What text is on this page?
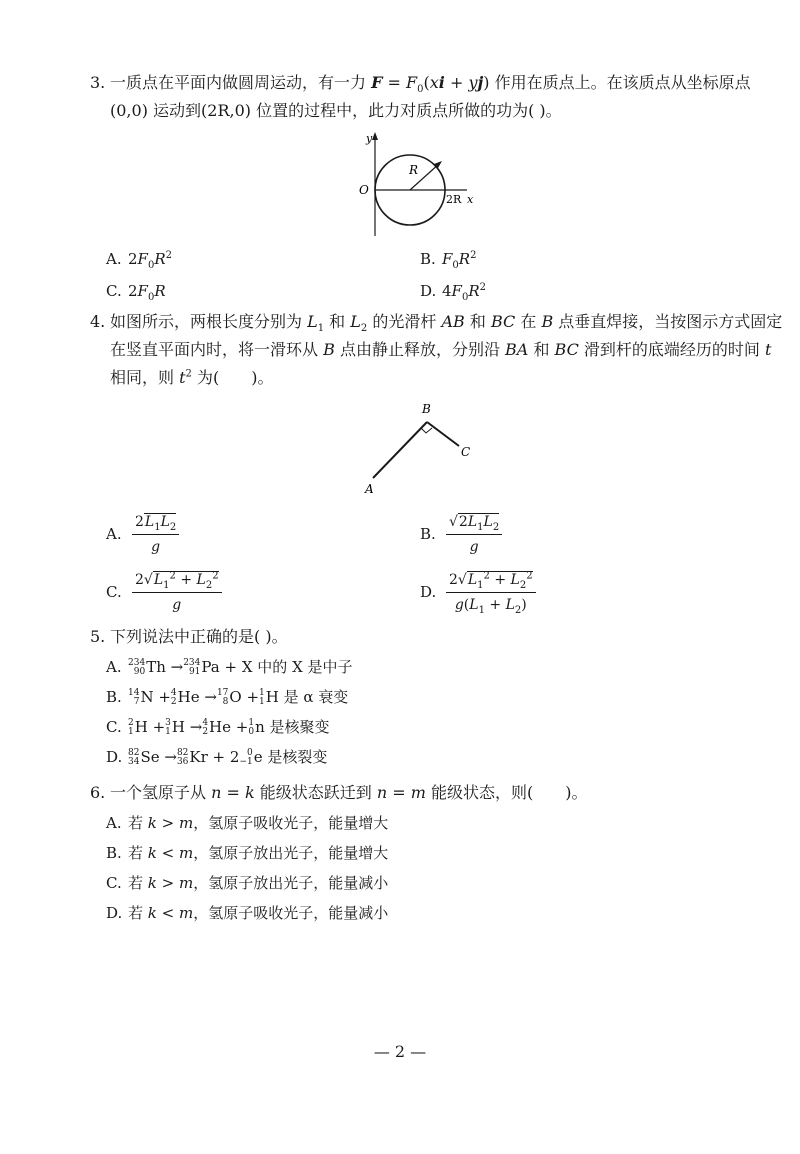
3. 一质点在平面内做圆周运动，有一力 $F = F_0(xi + yj)$ 作用在质点上。在该质点从坐标原点
(0,0) 运动到(2R,0) 位置的过程中，此力对质点所做的功为( )。
y
O
R
2R x
A. $2F_0R^2$	B. $F_0R^2$
C. $2F_0R$	D. $4F_0R^2$
4. 如图所示，两根长度分别为 $L_1$ 和 $L_2$ 的光滑杆 AB 和 BC 在 B 点垂直焊接，当按图示方式固定
在竖直平面内时，将一滑环从 B 点由静止释放，分别沿 BA 和 BC 滑到杆的底端经历的时间 t
相同，则 $t^2$ 为(  )。
B
C
A
A. $\frac{2L_1L_2}{g}$	B. $\frac{√2L_1L_2}{g}$
C. $\frac{2√L_1^2 + L_2^2}{g}$	D. $\frac{2√L_1^2 + L_2^2}{g(L_1 + L_2)}$
5. 下列说法中正确的是( )。
A. 234
90 Th → 234
91 Pa + X 中的 X 是中子
B. 14
7 N + 4
2 He → 17
8 O + 1
1 H 是 α 衰变
C. 2
1 H + 3
1 H → 4
2 He + 1
0 n 是核聚变
D. 82
34 Se → 82
36 Kr + 2 0
−1 e 是核裂变
6. 一个氢原子从 n = k 能级状态跃迁到 n = m 能级状态，则(  )。
A. 若 k > m，氢原子吸收光子，能量增大
B. 若 k < m，氢原子放出光子，能量增大
C. 若 k > m，氢原子放出光子，能量减小
D. 若 k < m，氢原子吸收光子，能量减小
— 2 —
